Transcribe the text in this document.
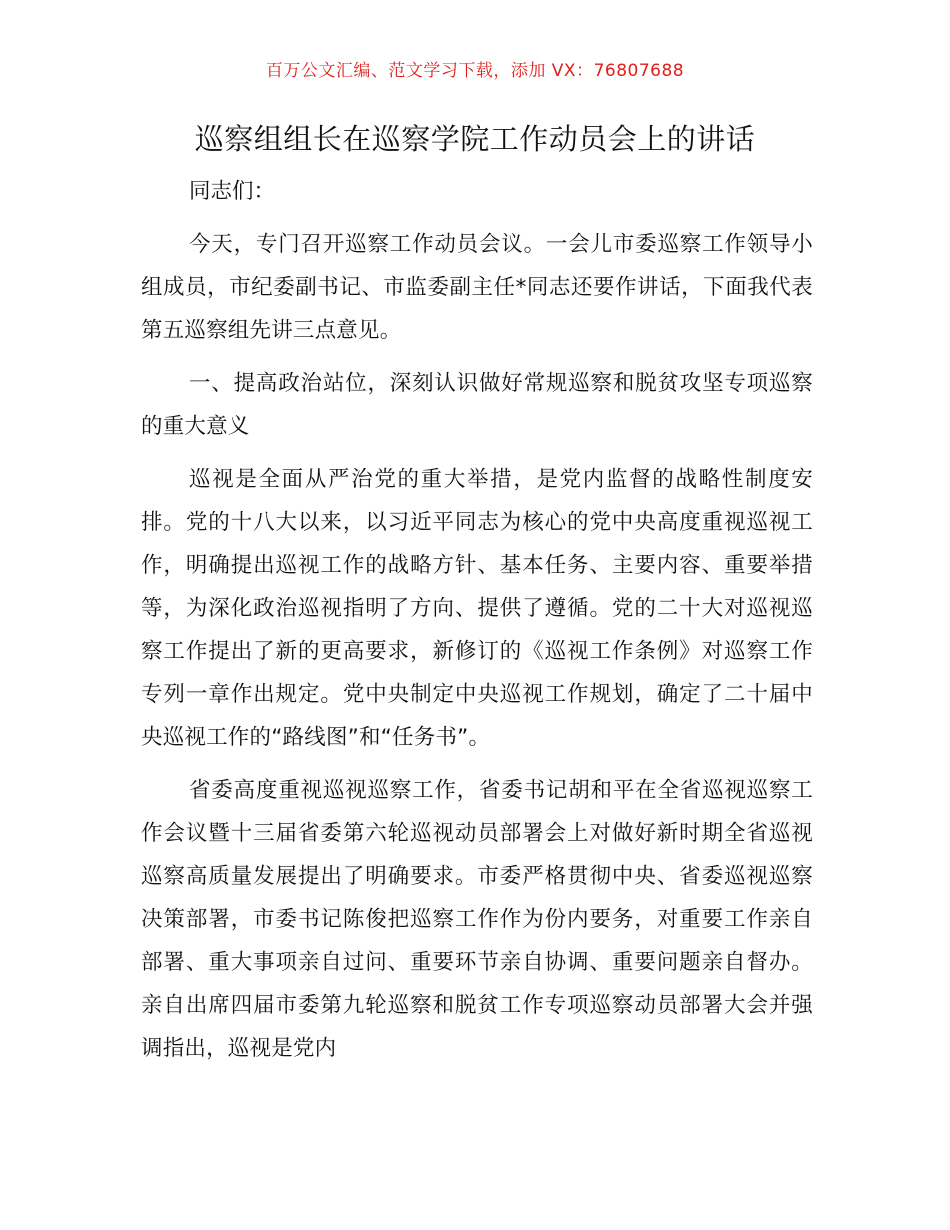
百万公文汇编、范文学习下载，添加 VX：76807688
巡察组组长在巡察学院工作动员会上的讲话

同志们：

今天，专门召开巡察工作动员会议。一会儿市委巡察工作领导小组成员，市纪委副书记、市监委副主任*同志还要作讲话，下面我代表第五巡察组先讲三点意见。

一、提高政治站位，深刻认识做好常规巡察和脱贫攻坚专项巡察的重大意义

巡视是全面从严治党的重大举措，是党内监督的战略性制度安排。党的十八大以来，以习近平同志为核心的党中央高度重视巡视工作，明确提出巡视工作的战略方针、基本任务、主要内容、重要举措等，为深化政治巡视指明了方向、提供了遵循。党的二十大对巡视巡察工作提出了新的更高要求，新修订的《巡视工作条例》对巡察工作专列一章作出规定。党中央制定中央巡视工作规划，确定了二十届中央巡视工作的“路线图”和“任务书”。

省委高度重视巡视巡察工作，省委书记胡和平在全省巡视巡察工作会议暨十三届省委第六轮巡视动员部署会上对做好新时期全省巡视巡察高质量发展提出了明确要求。市委严格贯彻中央、省委巡视巡察决策部署，市委书记陈俊把巡察工作作为份内要务，对重要工作亲自部署、重大事项亲自过问、重要环节亲自协调、重要问题亲自督办。亲自出席四届市委第九轮巡察和脱贫工作专项巡察动员部署大会并强调指出，巡视是党内
